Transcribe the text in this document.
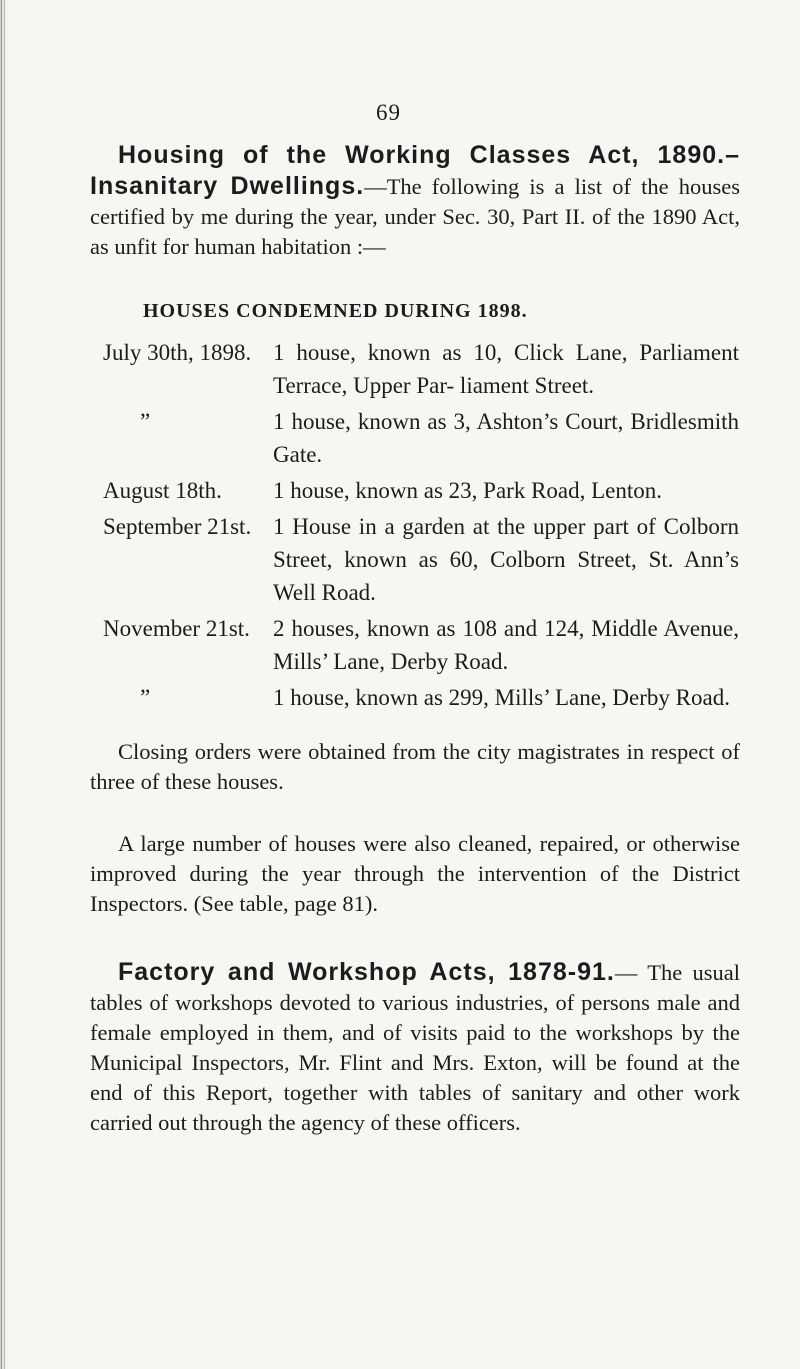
69

Housing of the Working Classes Act, 1890.–Insanitary Dwellings.—The following is a list of the houses certified by me during the year, under Sec. 30, Part II. of the 1890 Act, as unfit for human habitation :—

HOUSES CONDEMNED DURING 1898.
July 30th, 1898. 1 house, known as 10, Click Lane, Parliament Terrace, Upper Par- liament Street.
”	1 house, known as 3, Ashton’s Court, Bridlesmith Gate.
August 18th. 1 house, known as 23, Park Road, Lenton.
September 21st. 1 House in a garden at the upper part of Colborn Street, known as 60, Colborn Street, St. Ann’s Well Road.
November 21st. 2 houses, known as 108 and 124, Middle Avenue, Mills’ Lane, Derby Road.
”	1 house, known as 299, Mills’ Lane, Derby Road.

Closing orders were obtained from the city magistrates in respect of three of these houses.

A large number of houses were also cleaned, repaired, or otherwise improved during the year through the intervention of the District Inspectors. (See table, page 81).

Factory and Workshop Acts, 1878-91.— The usual tables of workshops devoted to various industries, of persons male and female employed in them, and of visits paid to the workshops by the Municipal Inspectors, Mr. Flint and Mrs. Exton, will be found at the end of this Report, together with tables of sanitary and other work carried out through the agency of these officers.
